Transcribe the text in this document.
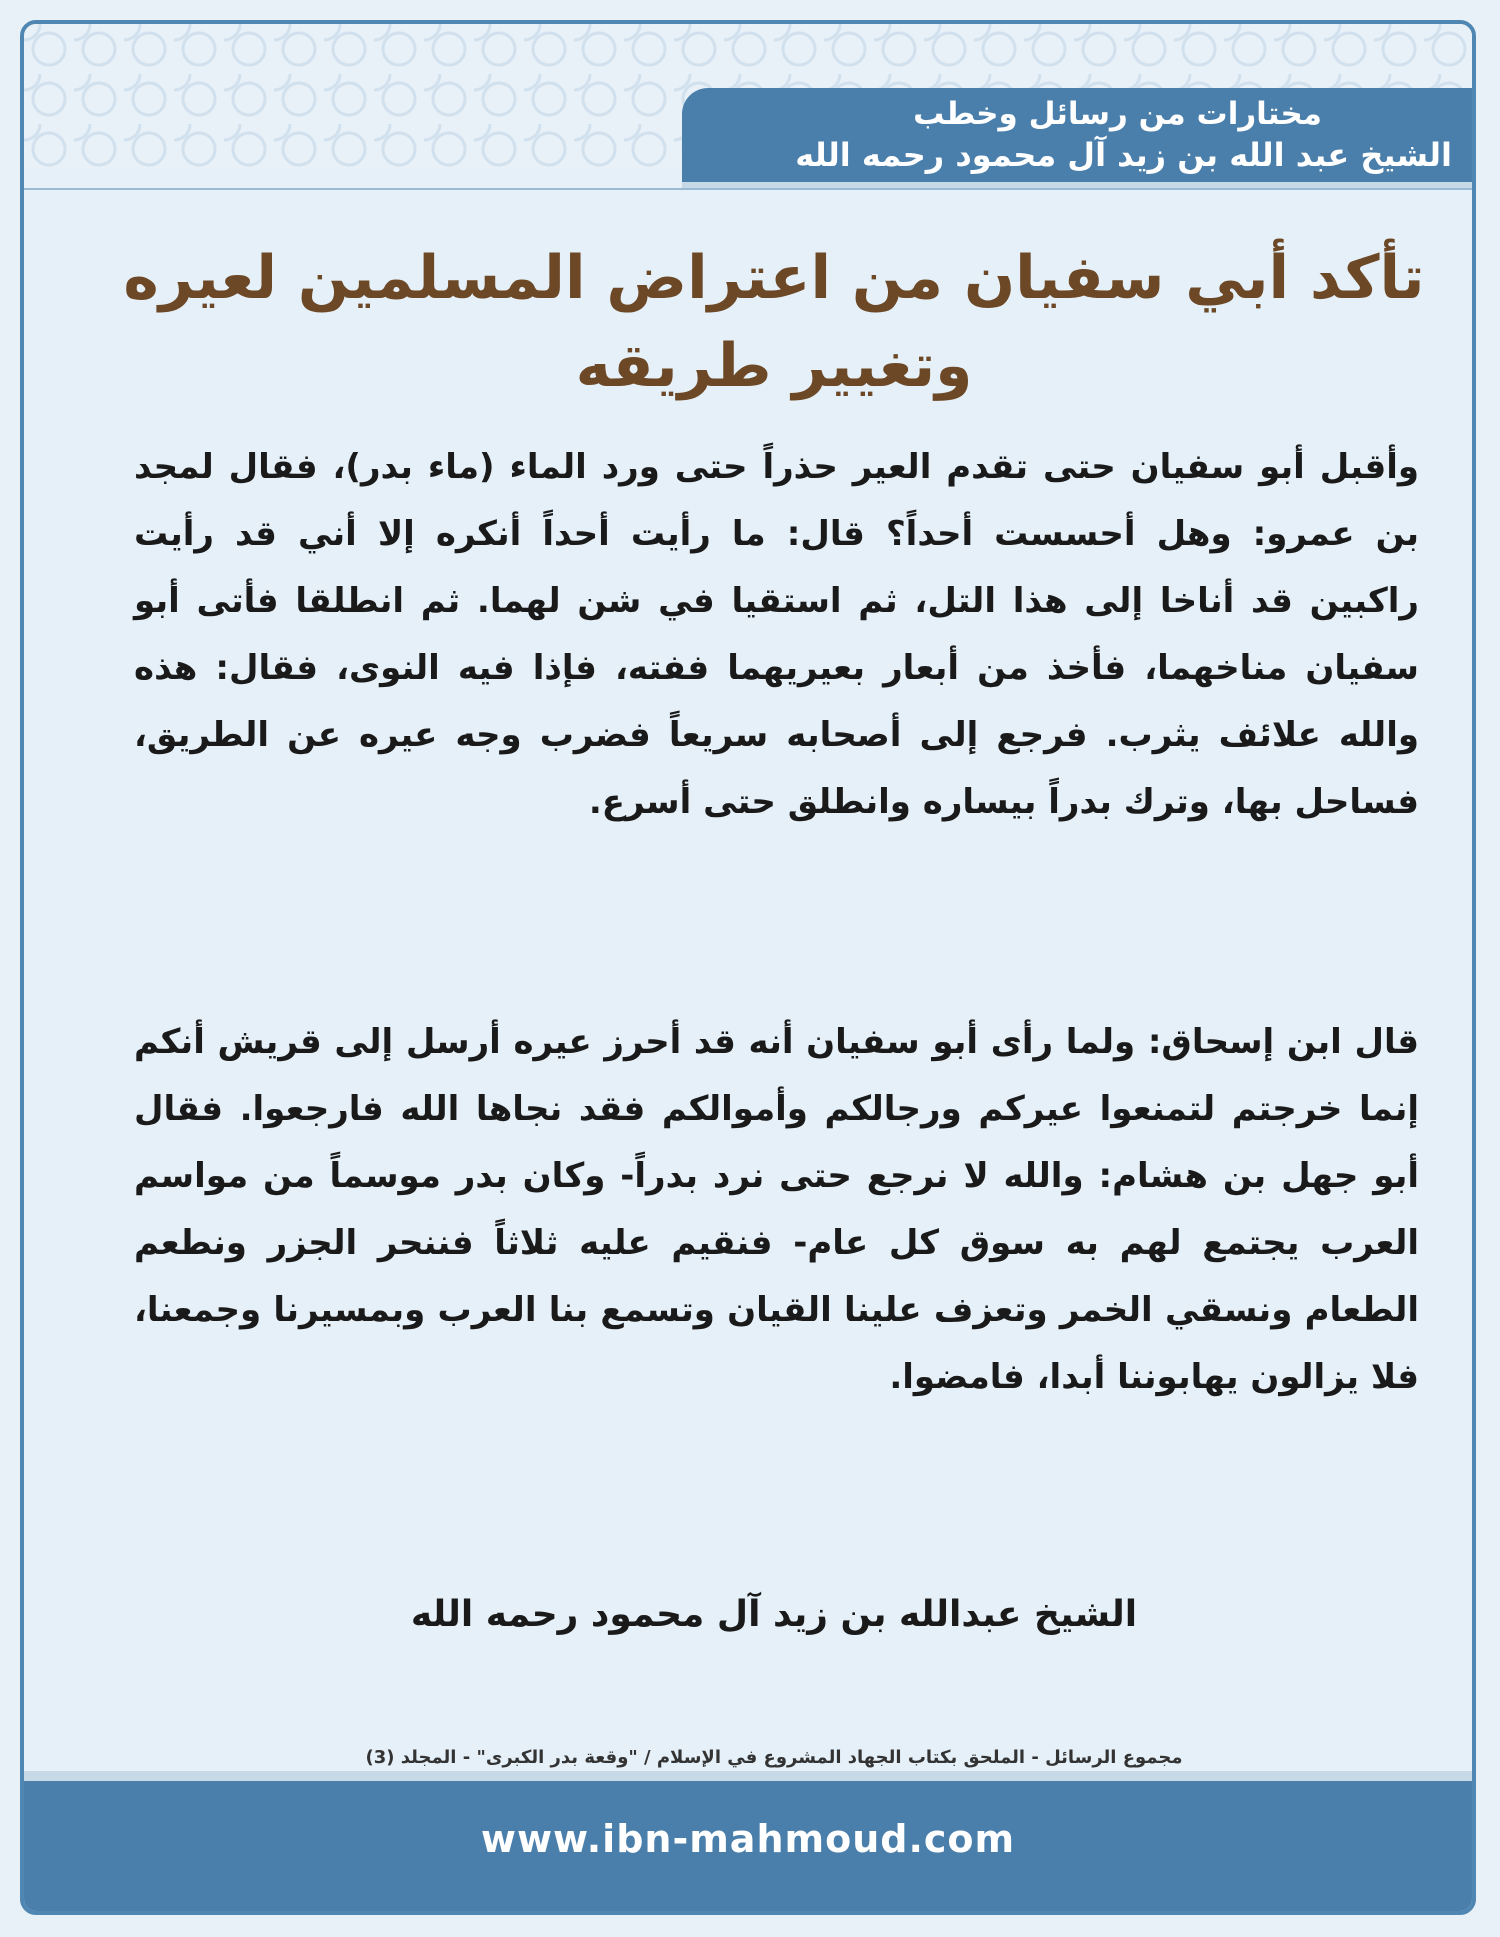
مختارات من رسائل وخطب
الشيخ عبد الله بن زيد آل محمود رحمه الله
تأكد أبي سفيان من اعتراض المسلمين لعيره
وتغيير طريقه

وأقبل أبو سفيان حتى تقدم العير حذراً حتى ورد الماء (ماء بدر)، فقال لمجد بن عمرو: وهل أحسست أحداً؟ قال: ما رأيت أحداً أنكره إلا أني قد رأيت راكبين قد أناخا إلى هذا التل، ثم استقيا في شن لهما. ثم انطلقا فأتى أبو سفيان مناخهما، فأخذ من أبعار بعيريهما ففته، فإذا فيه النوى، فقال: هذه والله علائف يثرب. فرجع إلى أصحابه سريعاً فضرب وجه عيره عن الطريق، فساحل بها، وترك بدراً بيساره وانطلق حتى أسرع.

قال ابن إسحاق: ولما رأى أبو سفيان أنه قد أحرز عيره أرسل إلى قريش أنكم إنما خرجتم لتمنعوا عيركم ورجالكم وأموالكم فقد نجاها الله فارجعوا. فقال أبو جهل بن هشام: والله لا نرجع حتى نرد بدراً- وكان بدر موسماً من مواسم العرب يجتمع لهم به سوق كل عام- فنقيم عليه ثلاثاً فننحر الجزر ونطعم الطعام ونسقي الخمر وتعزف علينا القيان وتسمع بنا العرب وبمسيرنا وجمعنا، فلا يزالون يهابوننا أبدا، فامضوا.

الشيخ عبدالله بن زيد آل محمود رحمه الله

مجموع الرسائل - الملحق بكتاب الجهاد المشروع في الإسلام / "وقعة بدر الكبرى" - المجلد (3)

www.ibn-mahmoud.com
